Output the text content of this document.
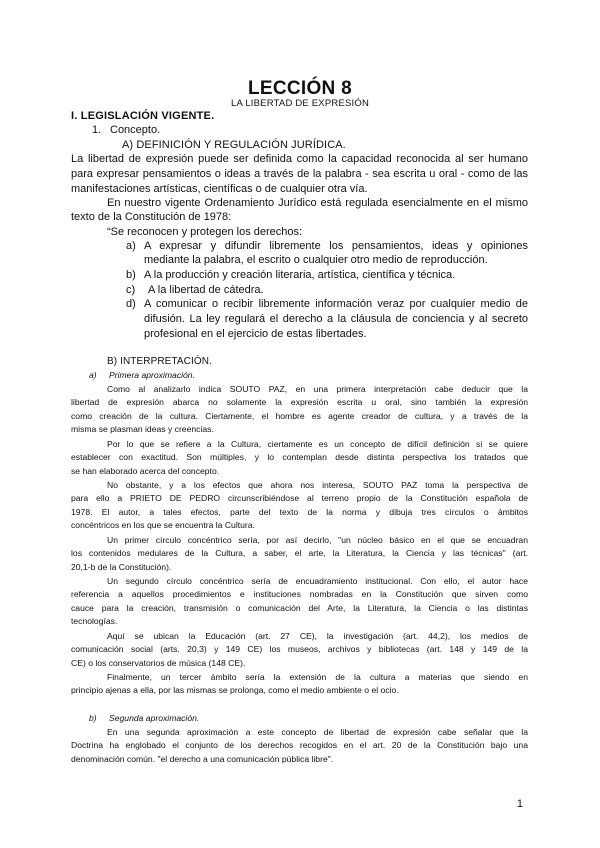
LECCIÓN 8
LA LIBERTAD DE EXPRESIÓN
I. LEGISLACIÓN VIGENTE.
1. Concepto.
A) DEFINICIÓN Y REGULACIÓN JURÍDICA.
La libertad de expresión puede ser definida como la capacidad reconocida al ser humano
para expresar pensamientos o ideas a través de la palabra - sea escrita u oral - como de las
manifestaciones artísticas, científicas o de cualquier otra vía.
En nuestro vigente Ordenamiento Jurídico está regulada esencialmente en el mismo
texto de la Constitución de 1978:
“Se reconocen y protegen los derechos:
a) A expresar y difundir libremente los pensamientos, ideas y opiniones
mediante la palabra, el escrito o cualquier otro medio de reproducción.
b) A la producción y creación literaria, artística, científica y técnica.
c) A la libertad de cátedra.
d) A comunicar o recibir libremente información veraz por cualquier medio de
difusión. La ley regulará el derecho a la cláusula de conciencia y al secreto
profesional en el ejercicio de estas libertades.
B) INTERPRETACIÓN.
a) Primera aproximación.
Como al analizarlo indica SOUTO PAZ, en una primera interpretación cabe deducir que la
libertad de expresión abarca no solamente la expresión escrita u oral, sino también la expresión
como creación de la cultura. Ciertamente, el hombre es agente creador de cultura, y a través de la
misma se plasman ideas y creencias.
Por lo que se refiere a la Cultura, ciertamente es un concepto de difícil definición si se quiere
establecer con exactitud. Son múltiples, y lo contemplan desde distinta perspectiva los tratados que
se han elaborado acerca del concepto.
No obstante, y a los efectos que ahora nos interesa, SOUTO PAZ toma la perspectiva de
para ello a PRIETO DE PEDRO circunscribiéndose al terreno propio de la Constitución española de
1978. El autor, a tales efectos, parte del texto de la norma y dibuja tres círculos o ámbitos
concéntricos en los que se encuentra la Cultura.
Un primer círculo concéntrico sería, por así decirlo, "un núcleo básico en el que se encuadran
los contenidos medulares de la Cultura, a saber, el arte, la Literatura, la Ciencia y las técnicas" (art.
20,1-b de la Constitución).
Un segundo círculo concéntrico sería de encuadramiento institucional. Con ello, el autor hace
referencia a aquellos procedimientos e instituciones nombradas en la Constitución que sirven como
cauce para la creación, transmisión o comunicación del Arte, la Literatura, la Ciencia o las distintas
tecnologías.
Aquí se ubican la Educación (art. 27 CE), la investigación (art. 44,2), los medios de
comunicación social (arts. 20,3) y 149 CE) los museos, archivos y bibliotecas (art. 148 y 149 de la
CE) o los conservatorios de música (148 CE).
Finalmente, un tercer ámbito sería la extensión de la cultura a materias que siendo en
principio ajenas a ella, por las mismas se prolonga, como el medio ambiente o el ocio.
b) Segunda aproximación.
En una segunda aproximación a este concepto de libertad de expresión cabe señalar que la
Doctrina ha englobado el conjunto de los derechos recogidos en el art. 20 de la Constitución bajo una
denominación común. "el derecho a una comunicación pública libre".
1
